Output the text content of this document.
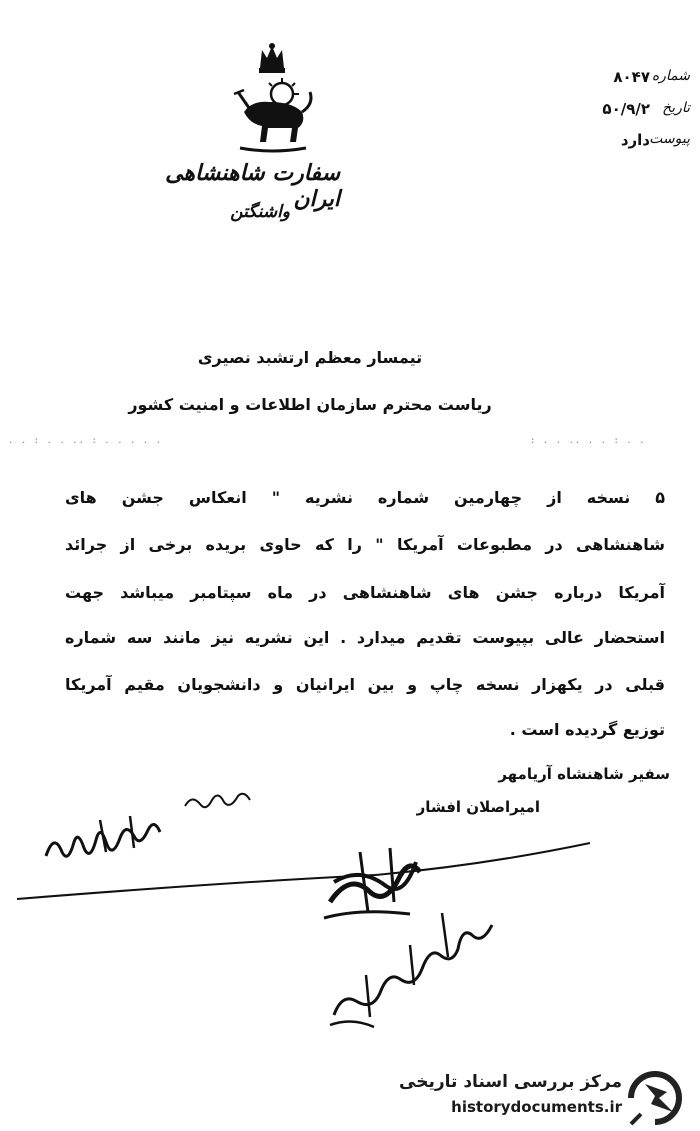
سفارت شاهنشاهی ایران
واشنگتن
شماره
۸۰۴۷
تاریخ
۵۰/۹/۲
پیوست
دارد
تیمسار معظم ارتشبد نصیری
ریاست محترم سازمان اطلاعات و امنیت کشور
. . : . . .. : . . . . .	: . . .. . . : . .
۵ نسخه از چهارمین شماره نشریه " انعکاس جشن های
شاهنشاهی در مطبوعات آمریکا " را که حاوی بریده برخی از جرائد
آمریکا درباره جشن های شاهنشاهی در ماه سپتامبر میباشد جهت
استحضار عالی بپیوست تقدیم میدارد . این نشریه نیز مانند سه شماره
قبلی در یکهزار نسخه چاپ و بین ایرانیان و دانشجویان مقیم آمریکا
توزیع گردیده است .
سفیر شاهنشاه آریامهر
امیراصلان افشار
مرکز بررسی اسناد تاریخی
historydocuments.ir
